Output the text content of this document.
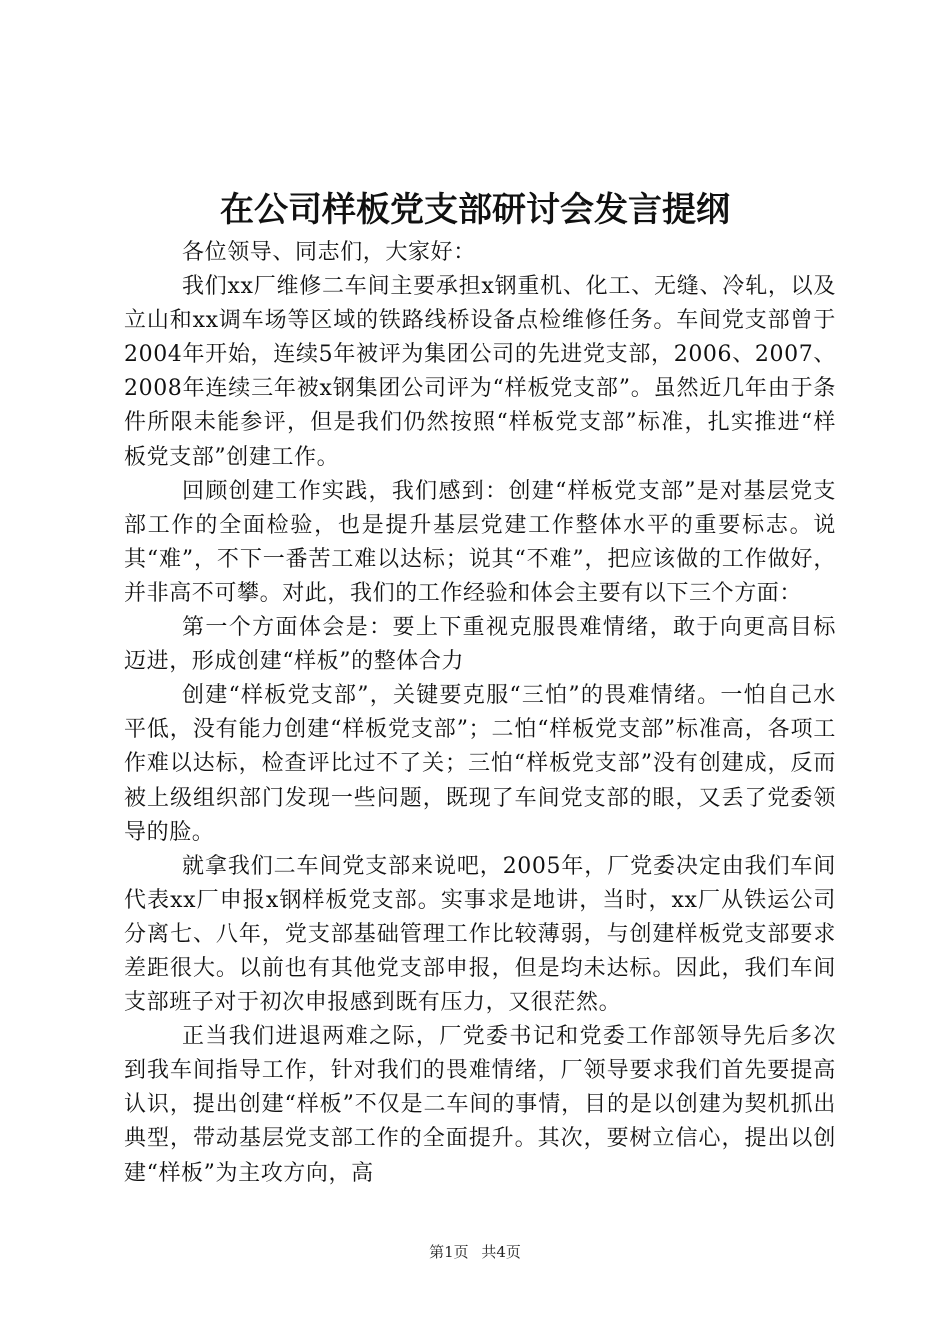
在公司样板党支部研讨会发言提纲

各位领导、同志们，大家好：

我们xx厂维修二车间主要承担x钢重机、化工、无缝、冷轧，以及立山和xx调车场等区域的铁路线桥设备点检维修任务。车间党支部曾于2004年开始，连续5年被评为集团公司的先进党支部，2006、2007、2008年连续三年被x钢集团公司评为“样板党支部”。虽然近几年由于条件所限未能参评，但是我们仍然按照“样板党支部”标准，扎实推进“样板党支部”创建工作。

回顾创建工作实践，我们感到：创建“样板党支部”是对基层党支部工作的全面检验，也是提升基层党建工作整体水平的重要标志。说其“难”，不下一番苦工难以达标；说其“不难”，把应该做的工作做好，并非高不可攀。对此，我们的工作经验和体会主要有以下三个方面：

第一个方面体会是：要上下重视克服畏难情绪，敢于向更高目标迈进，形成创建“样板”的整体合力

创建“样板党支部”，关键要克服“三怕”的畏难情绪。一怕自己水平低，没有能力创建“样板党支部”；二怕“样板党支部”标准高，各项工作难以达标，检查评比过不了关；三怕“样板党支部”没有创建成，反而被上级组织部门发现一些问题，既现了车间党支部的眼，又丢了党委领导的脸。

就拿我们二车间党支部来说吧，2005年，厂党委决定由我们车间代表xx厂申报x钢样板党支部。实事求是地讲，当时，xx厂从铁运公司分离七、八年，党支部基础管理工作比较薄弱，与创建样板党支部要求差距很大。以前也有其他党支部申报，但是均未达标。因此，我们车间支部班子对于初次申报感到既有压力，又很茫然。

正当我们进退两难之际，厂党委书记和党委工作部领导先后多次到我车间指导工作，针对我们的畏难情绪，厂领导要求我们首先要提高认识，提出创建“样板”不仅是二车间的事情，目的是以创建为契机抓出典型，带动基层党支部工作的全面提升。其次，要树立信心，提出以创建“样板”为主攻方向，高

第1页 共4页
